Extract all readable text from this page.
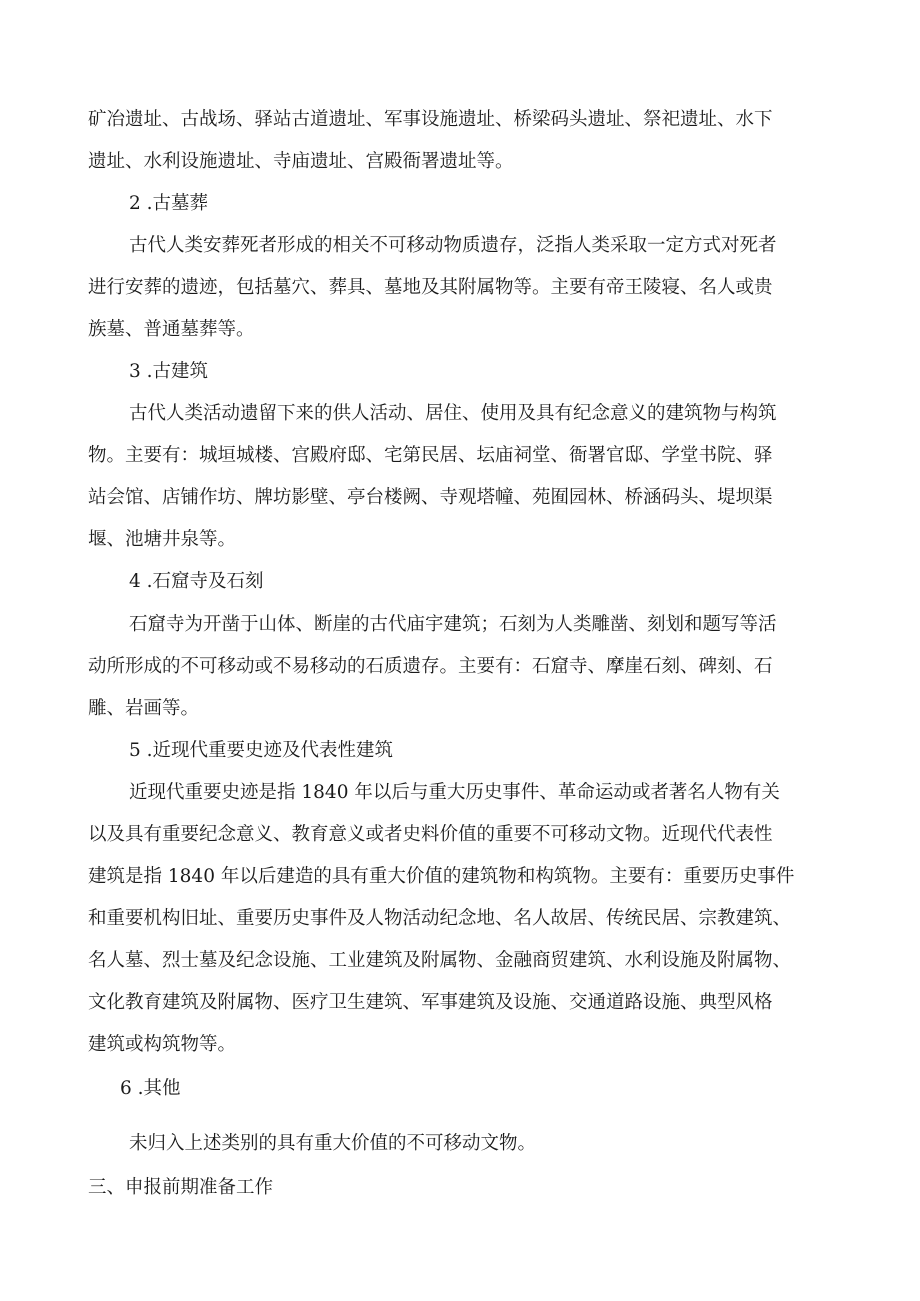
矿冶遗址、古战场、驿站古道遗址、军事设施遗址、桥梁码头遗址、祭祀遗址、水下

遗址、水利设施遗址、寺庙遗址、宫殿衙署遗址等。

2 .古墓葬

古代人类安葬死者形成的相关不可移动物质遗存，泛指人类采取一定方式对死者

进行安葬的遗迹，包括墓穴、葬具、墓地及其附属物等。主要有帝王陵寝、名人或贵

族墓、普通墓葬等。

3 .古建筑

古代人类活动遗留下来的供人活动、居住、使用及具有纪念意义的建筑物与构筑

物。主要有：城垣城楼、宫殿府邸、宅第民居、坛庙祠堂、衙署官邸、学堂书院、驿

站会馆、店铺作坊、牌坊影壁、亭台楼阙、寺观塔幢、苑囿园林、桥涵码头、堤坝渠

堰、池塘井泉等。

4 .石窟寺及石刻

石窟寺为开凿于山体、断崖的古代庙宇建筑；石刻为人类雕凿、刻划和题写等活

动所形成的不可移动或不易移动的石质遗存。主要有：石窟寺、摩崖石刻、碑刻、石

雕、岩画等。

5 .近现代重要史迹及代表性建筑

近现代重要史迹是指 1840 年以后与重大历史事件、革命运动或者著名人物有关

以及具有重要纪念意义、教育意义或者史料价值的重要不可移动文物。近现代代表性

建筑是指 1840 年以后建造的具有重大价值的建筑物和构筑物。主要有：重要历史事件

和重要机构旧址、重要历史事件及人物活动纪念地、名人故居、传统民居、宗教建筑、

名人墓、烈士墓及纪念设施、工业建筑及附属物、金融商贸建筑、水利设施及附属物、

文化教育建筑及附属物、医疗卫生建筑、军事建筑及设施、交通道路设施、典型风格

建筑或构筑物等。

6 .其他

未归入上述类别的具有重大价值的不可移动文物。

三、申报前期准备工作
